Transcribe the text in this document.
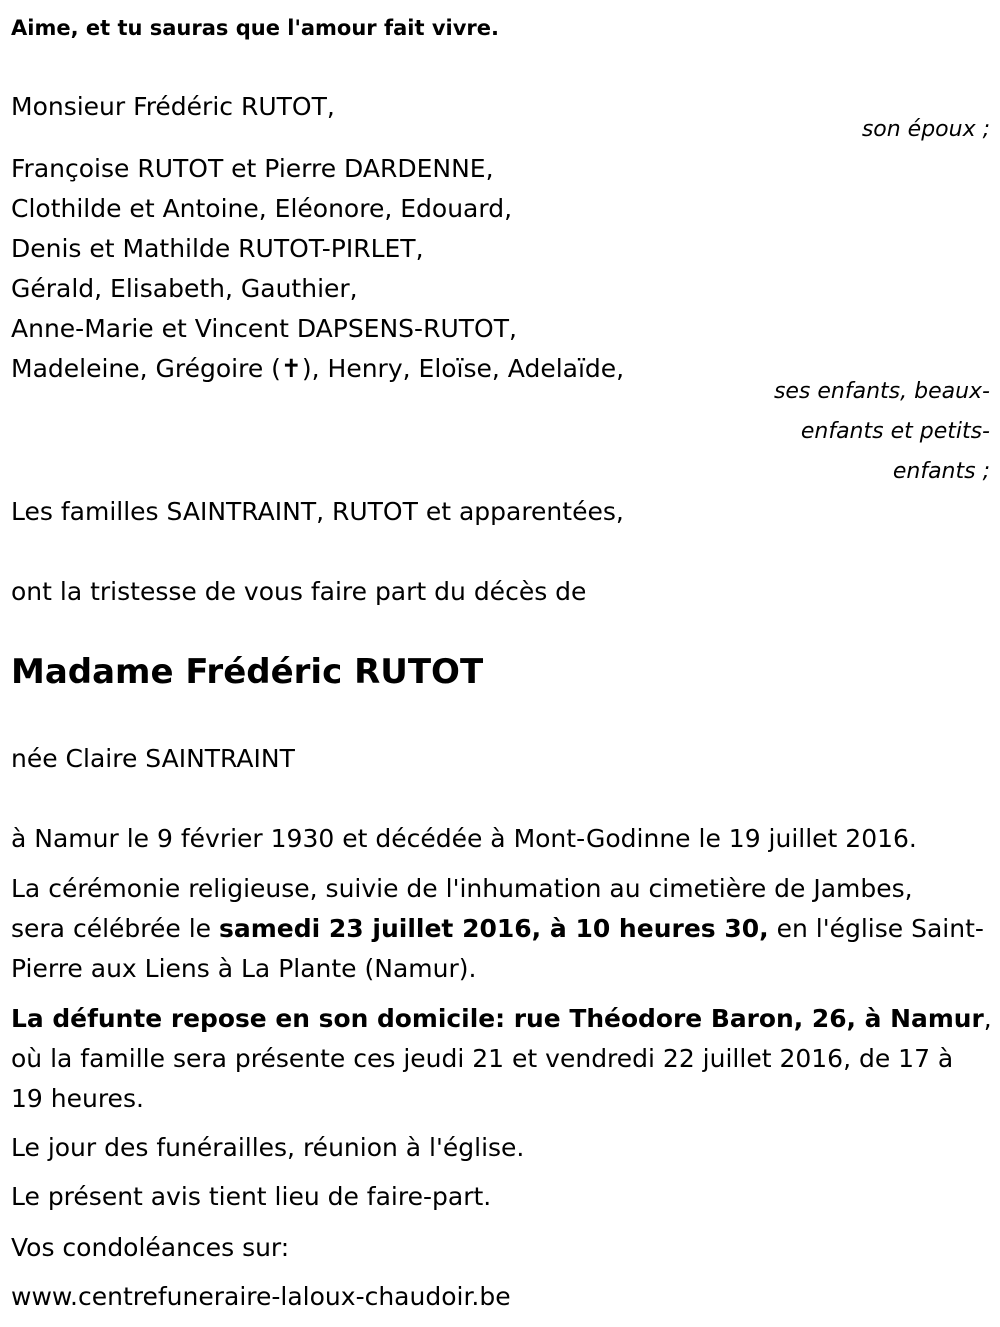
Aime, et tu sauras que l'amour fait vivre.
Monsieur Frédéric RUTOT,
son époux ;
Françoise RUTOT et Pierre DARDENNE,
Clothilde et Antoine, Eléonore, Edouard,
Denis et Mathilde RUTOT-PIRLET,
Gérald, Elisabeth, Gauthier,
Anne-Marie et Vincent DAPSENS-RUTOT,
Madeleine, Grégoire (✝), Henry, Eloïse, Adelaïde,
ses enfants, beaux-
enfants et petits-
enfants ;
Les familles SAINTRAINT, RUTOT et apparentées,
ont la tristesse de vous faire part du décès de
Madame Frédéric RUTOT
née Claire SAINTRAINT
à Namur le 9 février 1930 et décédée à Mont-Godinne le 19 juillet 2016.
La cérémonie religieuse, suivie de l'inhumation au cimetière de Jambes,
sera célébrée le samedi 23 juillet 2016, à 10 heures 30, en l'église Saint-
Pierre aux Liens à La Plante (Namur).
La défunte repose en son domicile: rue Théodore Baron, 26, à Namur,
où la famille sera présente ces jeudi 21 et vendredi 22 juillet 2016, de 17 à
19 heures.
Le jour des funérailles, réunion à l'église.
Le présent avis tient lieu de faire-part.
Vos condoléances sur:
www.centrefuneraire-laloux-chaudoir.be
